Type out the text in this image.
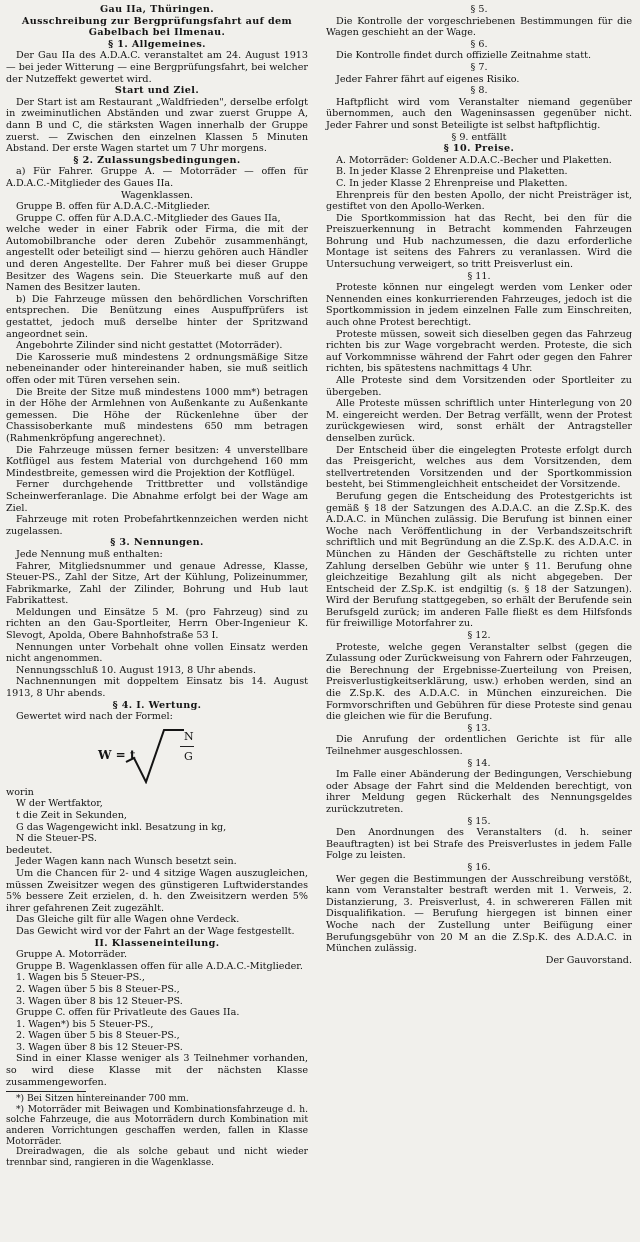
Gau IIa, Thüringen.

Ausschreibung zur Bergprüfungsfahrt auf dem Gabelbach bei Ilmenau.

§ 1. Allgemeines.

Der Gau IIa des A.D.A.C. veranstaltet am 24. August 1913 — bei jeder Witterung — eine Bergprüfungsfahrt, bei welcher der Nutzeffekt gewertet wird.

Start und Ziel.

Der Start ist am Restaurant „Waldfrieden", derselbe erfolgt in zweiminutlichen Abständen und zwar zuerst Gruppe A, dann B und C, die stärksten Wagen innerhalb der Gruppe zuerst. — Zwischen den einzelnen Klassen 5 Minuten Abstand. Der erste Wagen startet um 7 Uhr morgens.

§ 2. Zulassungsbedingungen.

a) Für Fahrer. Gruppe A. — Motorräder — offen für A.D.A.C.-Mitglieder des Gaues IIa.

Wagenklassen.

Gruppe B. offen für A.D.A.C.-Mitglieder.

Gruppe C. offen für A.D.A.C.-Mitglieder des Gaues IIa,

welche weder in einer Fabrik oder Firma, die mit der Automobilbranche oder deren Zubehör zusammenhängt, angestellt oder beteiligt sind — hierzu gehören auch Händler und deren Angestellte. Der Fahrer muß bei dieser Gruppe Besitzer des Wagens sein. Die Steuerkarte muß auf den Namen des Besitzer lauten.

b) Die Fahrzeuge müssen den behördlichen Vorschriften entsprechen. Die Benützung eines Auspuffprüfers ist gestattet, jedoch muß derselbe hinter der Spritzwand angeordnet sein.

Angebohrte Zilinder sind nicht gestattet (Motorräder).

Die Karosserie muß mindestens 2 ordnungsmäßige Sitze nebeneinander oder hintereinander haben, sie muß seitlich offen oder mit Türen versehen sein.

Die Breite der Sitze muß mindestens 1000 mm*) betragen in der Höhe der Armlehnen von Außenkante zu Außenkante gemessen. Die Höhe der Rückenlehne über der Chassisoberkante muß mindestens 650 mm betragen (Rahmenkröpfung angerechnet).

Die Fahrzeuge müssen ferner besitzen: 4 unverstellbare Kotflügel aus festem Material von durchgehend 160 mm Mindestbreite, gemessen wird die Projektion der Kotflügel.

Ferner durchgehende Trittbretter und vollständige Scheinwerferanlage. Die Abnahme erfolgt bei der Wage am Ziel.

Fahrzeuge mit roten Probefahrtkennzeichen werden nicht zugelassen.

§ 3. Nennungen.

Jede Nennung muß enthalten:

Fahrer, Mitgliedsnummer und genaue Adresse, Klasse, Steuer-PS., Zahl der Sitze, Art der Kühlung, Polizeinummer, Fabrikmarke, Zahl der Zilinder, Bohrung und Hub laut Fabrikattest.

Meldungen und Einsätze 5 M. (pro Fahrzeug) sind zu richten an den Gau-Sportleiter, Herrn Ober-Ingenieur K. Slevogt, Apolda, Obere Bahnhofstraße 53 I.

Nennungen unter Vorbehalt ohne vollen Einsatz werden nicht angenommen.

Nennungsschluß 10. August 1913, 8 Uhr abends.

Nachnennungen mit doppeltem Einsatz bis 14. August 1913, 8 Uhr abends.

§ 4. I. Wertung.

Gewertet wird nach der Formel:

W = t
N
G

worin

W der Wertfaktor,

t die Zeit in Sekunden,

G das Wagengewicht inkl. Besatzung in kg,

N die Steuer-PS.

bedeutet.

Jeder Wagen kann nach Wunsch besetzt sein.

Um die Chancen für 2- und 4 sitzige Wagen auszugleichen, müssen Zweisitzer wegen des günstigeren Luftwiderstandes 5% bessere Zeit erzielen, d. h. den Zweisitzern werden 5% ihrer gefahrenen Zeit zugezählt.

Das Gleiche gilt für alle Wagen ohne Verdeck.

Das Gewicht wird vor der Fahrt an der Wage festgestellt.

II. Klasseneinteilung.

Gruppe A. Motorräder.

Gruppe B. Wagenklassen offen für alle A.D.A.C.-Mitglieder.

1. Wagen bis 5 Steuer-PS.,

2. Wagen über 5 bis 8 Steuer-PS.,

3. Wagen über 8 bis 12 Steuer-PS.

Gruppe C. offen für Privatleute des Gaues IIa.

1. Wagen*) bis 5 Steuer-PS.,

2. Wagen über 5 bis 8 Steuer-PS.,

3. Wagen über 8 bis 12 Steuer-PS.

Sind in einer Klasse weniger als 3 Teilnehmer vorhanden, so wird diese Klasse mit der nächsten Klasse zusammengeworfen.

*) Bei Sitzen hintereinander 700 mm.

*) Motorräder mit Beiwagen und Kombinationsfahrzeuge d. h. solche Fahrzeuge, die aus Motorrädern durch Kombination mit anderen Vorrichtungen geschaffen werden, fallen in Klasse Motorräder.

Dreiradwagen, die als solche gebaut und nicht wieder trennbar sind, rangieren in die Wagenklasse.

§ 5.

Die Kontrolle der vorgeschriebenen Bestimmungen für die Wagen geschieht an der Wage.

§ 6.

Die Kontrolle findet durch offizielle Zeitnahme statt.

§ 7.

Jeder Fahrer fährt auf eigenes Risiko.

§ 8.

Haftpflicht wird vom Veranstalter niemand gegenüber übernommen, auch den Wageninsassen gegenüber nicht. Jeder Fahrer und sonst Beteiligte ist selbst haftpflichtig.

§ 9. entfällt

§ 10. Preise.

A. Motorräder: Goldener A.D.A.C.-Becher und Plaketten.

B. In jeder Klasse 2 Ehrenpreise und Plaketten.

C. In jeder Klasse 2 Ehrenpreise und Plaketten.

Ehrenpreis für den besten Apollo, der nicht Preisträger ist, gestiftet von den Apollo-Werken.

Die Sportkommission hat das Recht, bei den für die Preiszuerkennung in Betracht kommenden Fahrzeugen Bohrung und Hub nachzumessen, die dazu erforderliche Montage ist seitens des Fahrers zu veranlassen. Wird die Untersuchung verweigert, so tritt Preisverlust ein.

§ 11.

Proteste können nur eingelegt werden vom Lenker oder Nennenden eines konkurrierenden Fahrzeuges, jedoch ist die Sportkommission in jedem einzelnen Falle zum Einschreiten, auch ohne Protest berechtigt.

Proteste müssen, soweit sich dieselben gegen das Fahrzeug richten bis zur Wage vorgebracht werden. Proteste, die sich auf Vorkommnisse während der Fahrt oder gegen den Fahrer richten, bis spätestens nachmittags 4 Uhr.

Alle Proteste sind dem Vorsitzenden oder Sportleiter zu übergeben.

Alle Proteste müssen schriftlich unter Hinterlegung von 20 M. eingereicht werden. Der Betrag verfällt, wenn der Protest zurückgewiesen wird, sonst erhält der Antragsteller denselben zurück.

Der Entscheid über die eingelegten Proteste erfolgt durch das Preisgericht, welches aus dem Vorsitzenden, dem stellvertretenden Vorsitzenden und der Sportkommission besteht, bei Stimmengleichheit entscheidet der Vorsitzende.

Berufung gegen die Entscheidung des Protestgerichts ist gemäß § 18 der Satzungen des A.D.A.C. an die Z.Sp.K. des A.D.A.C. in München zulässig. Die Berufung ist binnen einer Woche nach Veröffentlichung in der Verbandszeitschrift schriftlich und mit Begründung an die Z.Sp.K. des A.D.A.C. in München zu Händen der Geschäftstelle zu richten unter Zahlung derselben Gebühr wie unter § 11. Berufung ohne gleichzeitige Bezahlung gilt als nicht abgegeben. Der Entscheid der Z.Sp.K. ist endgiltig (s. § 18 der Satzungen). Wird der Berufung stattgegeben, so erhält der Berufende sein Berufsgeld zurück; im anderen Falle fließt es dem Hilfsfonds für freiwillige Motorfahrer zu.

§ 12.

Proteste, welche gegen Veranstalter selbst (gegen die Zulassung oder Zurückweisung von Fahrern oder Fahrzeugen, die Berechnung der Ergebnisse-Zuerteilung von Preisen, Preisverlustigkeitserklärung, usw.) erhoben werden, sind an die Z.Sp.K. des A.D.A.C. in München einzureichen. Die Formvorschriften und Gebühren für diese Proteste sind genau die gleichen wie für die Berufung.

§ 13.

Die Anrufung der ordentlichen Gerichte ist für alle Teilnehmer ausgeschlossen.

§ 14.

Im Falle einer Abänderung der Bedingungen, Verschiebung oder Absage der Fahrt sind die Meldenden berechtigt, von ihrer Meldung gegen Rückerhalt des Nennungsgeldes zurückzutreten.

§ 15.

Den Anordnungen des Veranstalters (d. h. seiner Beauftragten) ist bei Strafe des Preisverlustes in jedem Falle Folge zu leisten.

§ 16.

Wer gegen die Bestimmungen der Ausschreibung verstößt, kann vom Veranstalter bestraft werden mit 1. Verweis, 2. Distanzierung, 3. Preisverlust, 4. in schwereren Fällen mit Disqualifikation. — Berufung hiergegen ist binnen einer Woche nach der Zustellung unter Beifügung einer Berufungsgebühr von 20 M an die Z.Sp.K. des A.D.A.C. in München zulässig.

Der Gauvorstand.
